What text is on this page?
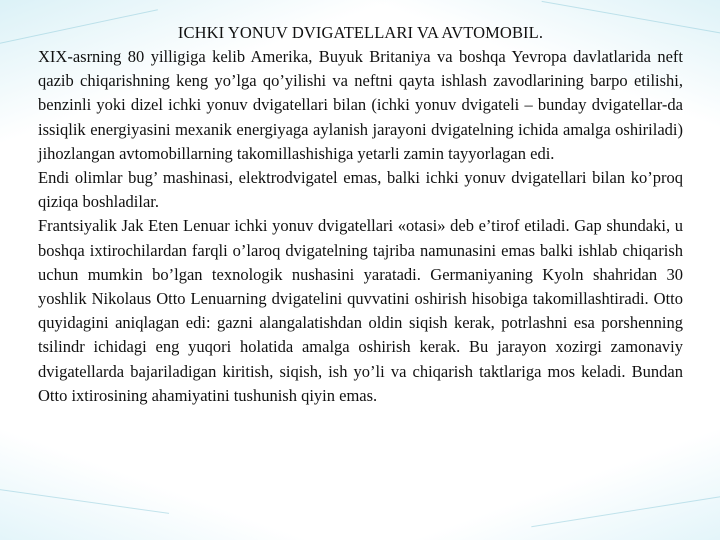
ICHKI YONUV DVIGATELLARI VA AVTOMOBIL.

XIX-asrning 80 yilligiga kelib Amerika, Buyuk Britaniya va boshqa Yevropa davlatlarida neft qazib chiqarishning keng yo’lga qo’yilishi va neftni qayta ishlash zavodlarining barpo etilishi, benzinli yoki dizel ichki yonuv dvigatellari bilan (ichki yonuv dvigateli – bunday dvigatellar-da issiqlik energiyasini mexanik energiyaga aylanish jarayoni dvigatelning ichida amalga oshiriladi) jihozlangan avtomobillarning takomillashishiga yetarli zamin tayyorlagan edi.

Endi olimlar bug’ mashinasi, elektrodvigatel emas, balki ichki yonuv dvigatellari bilan ko’proq qiziqa boshladilar.

Frantsiyalik Jak Eten Lenuar ichki yonuv dvigatellari «otasi» deb e’tirof etiladi. Gap shundaki, u boshqa ixtirochilardan farqli o’laroq dvigatelning tajriba namunasini emas balki ishlab chiqarish uchun mumkin bo’lgan texnologik nushasini yaratadi. Germaniyaning Kyoln shahridan 30 yoshlik Nikolaus Otto Lenuarning dvigatelini quvvatini oshirish hisobiga takomillashtiradi. Otto quyidagini aniqlagan edi: gazni alangalatishdan oldin siqish kerak, potrlashni esa porshenning tsilindr ichidagi eng yuqori holatida amalga oshirish kerak. Bu jarayon xozirgi zamonaviy dvigatellarda bajariladigan kiritish, siqish, ish yo’li va chiqarish taktlariga mos keladi. Bundan Otto ixtirosining ahamiyatini tushunish qiyin emas.
